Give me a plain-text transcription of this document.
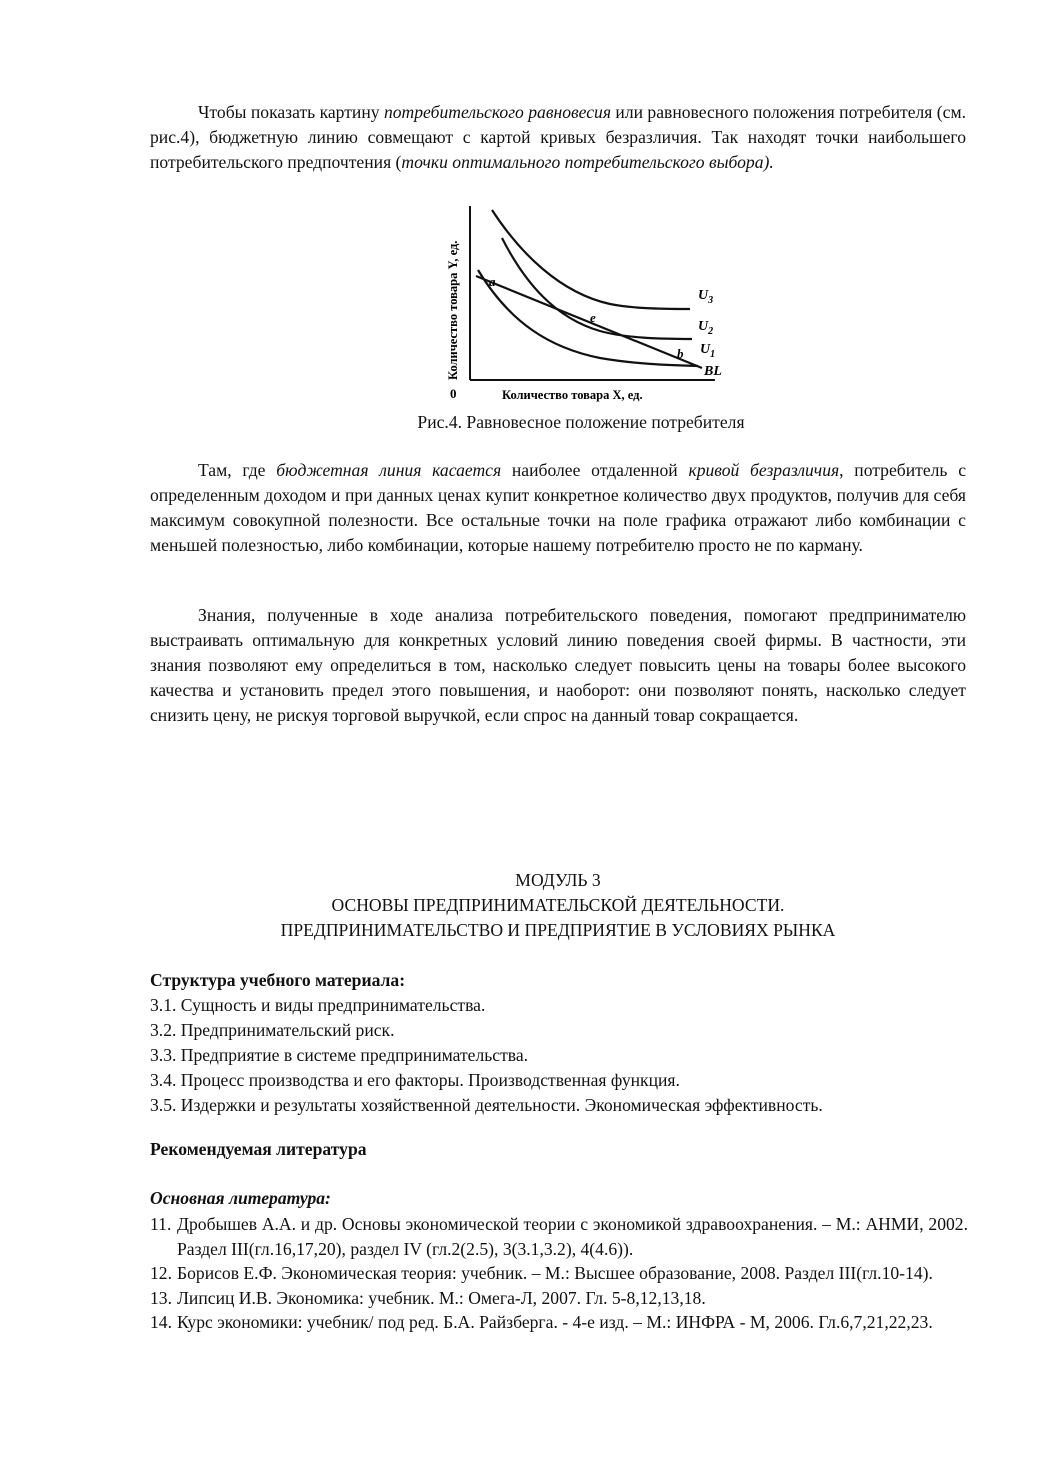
Чтобы показать картину потребительского равновесия или равновесного положения потребителя (см. рис.4), бюджетную линию совмещают с картой кривых безразличия. Так находят точки наибольшего потребительского предпочтения (точки оптимального потребительского выбора).

a
e
b
$U_3$
$U_2$
$U_1$
BL
0	Количество товара X, ед.
Количество товара Y, ед.
Рис.4. Равновесное положение потребителя

Там, где бюджетная линия касается наиболее отдаленной кривой безразличия, потребитель с определенным доходом и при данных ценах купит конкретное количество двух продуктов, получив для себя максимум совокупной полезности. Все остальные точки на поле графика отражают либо комбинации с меньшей полезностью, либо комбинации, которые нашему потребителю просто не по карману.

Знания, полученные в ходе анализа потребительского поведения, помогают предпринимателю выстраивать оптимальную для конкретных условий линию поведения своей фирмы. В частности, эти знания позволяют ему определиться в том, насколько следует повысить цены на товары более высокого качества и установить предел этого повышения, и наоборот: они позволяют понять, насколько следует снизить цену, не рискуя торговой выручкой, если спрос на данный товар сокращается.

МОДУЛЬ 3
ОСНОВЫ ПРЕДПРИНИМАТЕЛЬСКОЙ ДЕЯТЕЛЬНОСТИ.
ПРЕДПРИНИМАТЕЛЬСТВО И ПРЕДПРИЯТИЕ В УСЛОВИЯХ РЫНКА
Структура учебного материала:
3.1. Сущность и виды предпринимательства.
3.2. Предпринимательский риск.
3.3. Предприятие в системе предпринимательства.
3.4. Процесс производства и его факторы. Производственная функция.
3.5. Издержки и результаты хозяйственной деятельности. Экономическая эффективность.
Рекомендуемая литература
Основная литература:
11. Дробышев А.А. и др. Основы экономической теории с экономикой здравоохранения. – М.: АНМИ, 2002. Раздел III(гл.16,17,20), раздел IV (гл.2(2.5), 3(3.1,3.2), 4(4.6)).
12. Борисов Е.Ф. Экономическая теория: учебник. – М.: Высшее образование, 2008. Раздел III(гл.10-14).
13. Липсиц И.В. Экономика: учебник. М.: Омега-Л, 2007. Гл. 5-8,12,13,18.
14. Курс экономики: учебник/ под ред. Б.А. Райзберга. - 4-е изд. – М.: ИНФРА - М, 2006. Гл.6,7,21,22,23.
